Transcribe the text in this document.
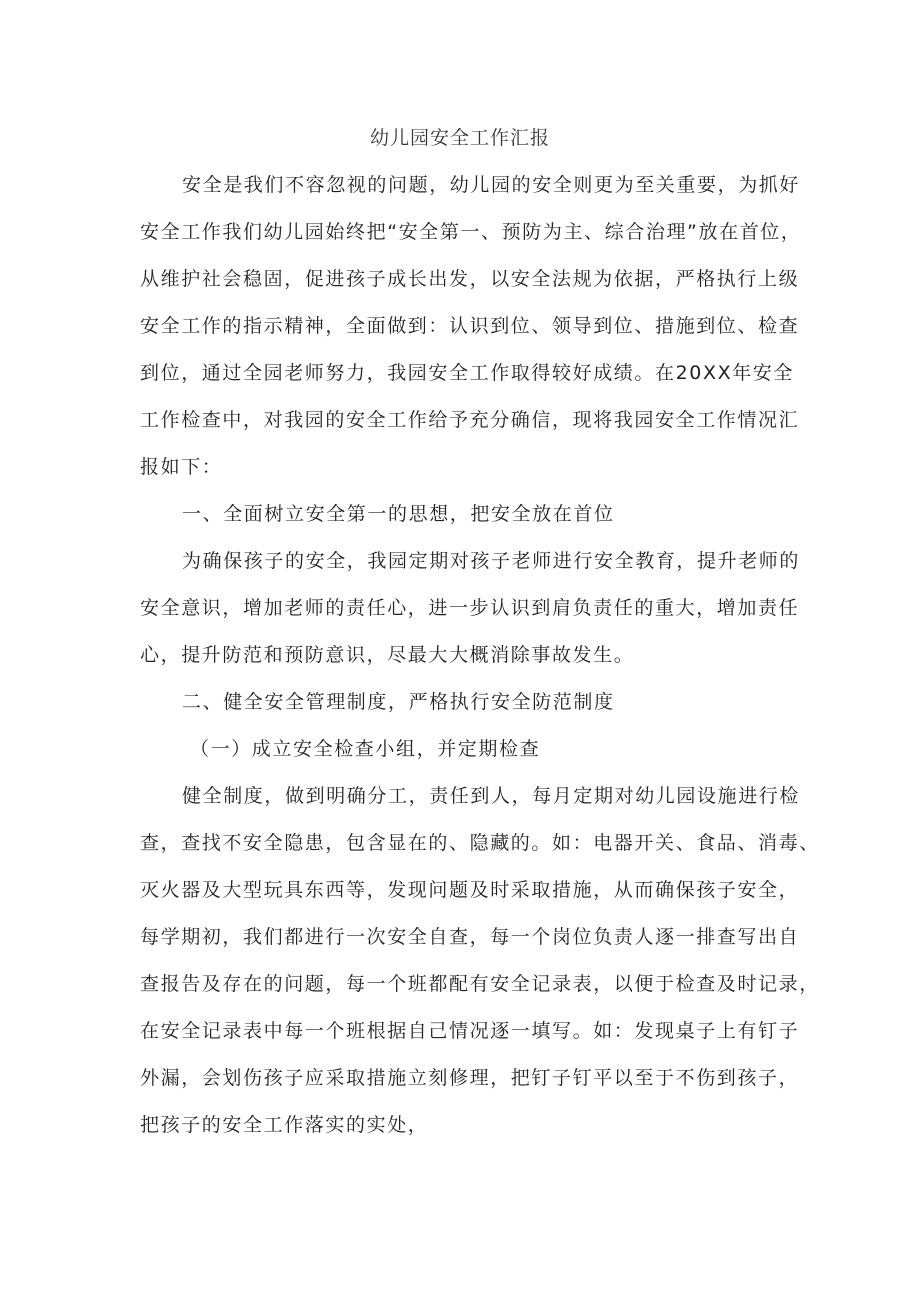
幼儿园安全工作汇报
安全是我们不容忽视的问题，幼儿园的安全则更为至关重要，为抓好
安全工作我们幼儿园始终把“安全第一、预防为主、综合治理”放在首位，
从维护社会稳固，促进孩子成长出发，以安全法规为依据，严格执行上级
安全工作的指示精神，全面做到：认识到位、领导到位、措施到位、检查
到位，通过全园老师努力，我园安全工作取得较好成绩。在20XX年安全
工作检查中，对我园的安全工作给予充分确信，现将我园安全工作情况汇
报如下：
一、全面树立安全第一的思想，把安全放在首位
为确保孩子的安全，我园定期对孩子老师进行安全教育，提升老师的
安全意识，增加老师的责任心，进一步认识到肩负责任的重大，增加责任
心，提升防范和预防意识，尽最大大概消除事故发生。
二、健全安全管理制度，严格执行安全防范制度
（一）成立安全检查小组，并定期检查
健全制度，做到明确分工，责任到人，每月定期对幼儿园设施进行检
查，查找不安全隐患，包含显在的、隐藏的。如：电器开关、食品、消毒、
灭火器及大型玩具东西等，发现问题及时采取措施，从而确保孩子安全，
每学期初，我们都进行一次安全自查，每一个岗位负责人逐一排查写出自
查报告及存在的问题，每一个班都配有安全记录表，以便于检查及时记录，
在安全记录表中每一个班根据自己情况逐一填写。如：发现桌子上有钉子
外漏，会划伤孩子应采取措施立刻修理，把钉子钉平以至于不伤到孩子，
把孩子的安全工作落实的实处，
